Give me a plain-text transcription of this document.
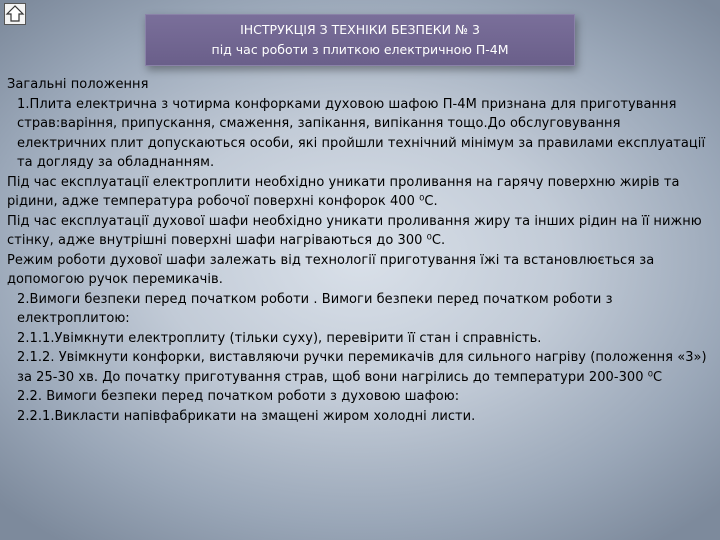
ІНСТРУКЦІЯ З ТЕХНІКИ БЕЗПЕКИ № 3
під час роботи з плиткою електричною П-4М

Загальні положення

1.Плита електрична з чотирма конфорками духовою шафою П-4М признана для приготування страв:варіння, припускання, смаження, запікання, випікання тощо.До обслуговування електричних плит допускаються особи, які пройшли технічний мінімум за правилами експлуатації та догляду за обладнанням.

Під час експлуатації електроплити необхідно уникати проливання на гарячу поверхню жирів та рідини, адже температура робочої поверхні конфорок 400 ⁰С.

Під час експлуатації духової шафи необхідно уникати проливання жиру та інших рідин на її нижню стінку, адже внутрішні поверхні шафи нагріваються до 300 ⁰С.

Режим роботи духової шафи залежать від технології приготування їжі та встановлюється за допомогою ручок перемикачів.

2.Вимоги безпеки перед початком роботи . Вимоги безпеки перед початком роботи з електроплитою:

2.1.1.Увімкнути електроплиту (тільки суху), перевірити її стан і справність.

2.1.2. Увімкнути конфорки, виставляючи ручки перемикачів для сильного нагріву (положення «3») за 25-30 хв. До початку приготування страв, щоб вони нагрілись до температури 200-300 ⁰С

2.2. Вимоги безпеки перед початком роботи з духовою шафою:

2.2.1.Викласти напівфабрикати на змащені жиром холодні листи.
